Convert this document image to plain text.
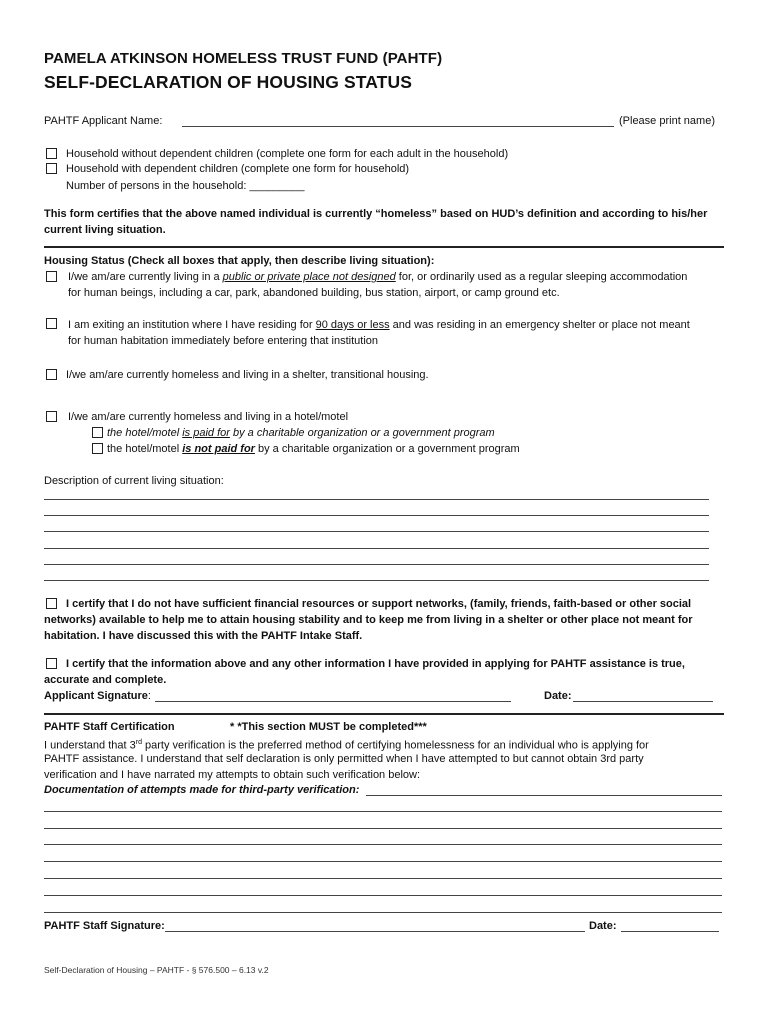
PAMELA ATKINSON HOMELESS TRUST FUND (PAHTF)
SELF-DECLARATION OF HOUSING STATUS
PAHTF Applicant Name:	(Please print name)
Household without dependent children (complete one form for each adult in the household)
Household with dependent children (complete one form for household)
Number of persons in the household: _________
This form certifies that the above named individual is currently “homeless” based on HUD’s definition and according to his/her current living situation.
Housing Status (Check all boxes that apply, then describe living situation):
I/we am/are currently living in a public or private place not designed for, or ordinarily used as a regular sleeping accommodation
for human beings, including a car, park, abandoned building, bus station, airport, or camp ground etc.
I am exiting an institution where I have residing for 90 days or less and was residing in an emergency shelter or place not meant
for human habitation immediately before entering that institution
I/we am/are currently homeless and living in a shelter, transitional housing.
I/we am/are currently homeless and living in a hotel/motel
the hotel/motel is paid for by a charitable organization or a government program
the hotel/motel is not paid for by a charitable organization or a government program
Description of current living situation:
I certify that I do not have sufficient financial resources or support networks, (family, friends, faith-based or other social
networks) available to help me to attain housing stability and to keep me from living in a shelter or other place not meant for
habitation. I have discussed this with the PAHTF Intake Staff.
I certify that the information above and any other information I have provided in applying for PAHTF assistance is true,
accurate and complete.
Applicant Signature:	Date:
PAHTF Staff Certification	* *This section MUST be completed***
I understand that 3rd party verification is the preferred method of certifying homelessness for an individual who is applying for
PAHTF assistance. I understand that self declaration is only permitted when I have attempted to but cannot obtain 3rd party
verification and I have narrated my attempts to obtain such verification below:
Documentation of attempts made for third-party verification:
PAHTF Staff Signature:	Date:
Self-Declaration of Housing – PAHTF - § 576.500 – 6.13 v.2
